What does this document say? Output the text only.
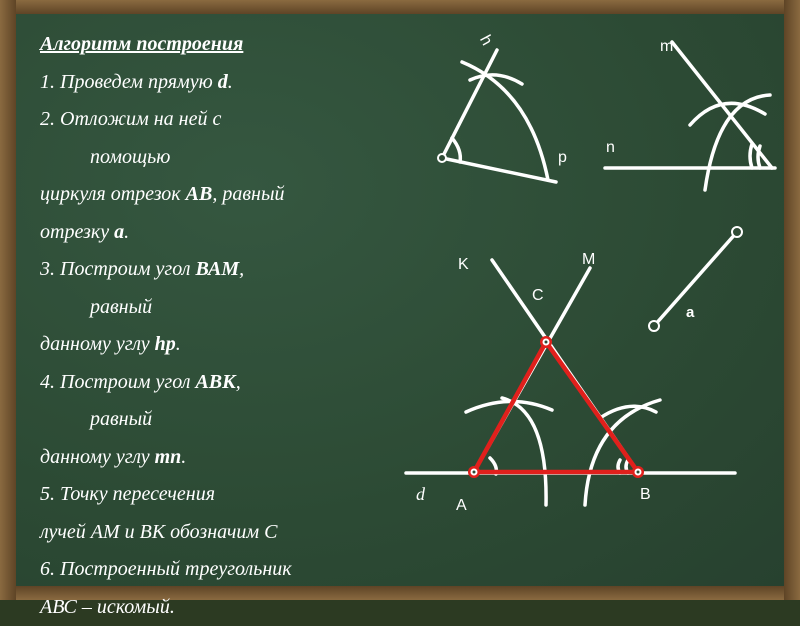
Алгоритм построения
1. Проведем прямую d.
2. Отложим на ней с
помощью
циркуля отрезок АВ, равный
отрезку а.
3. Построим угол ВАМ,
равный
данному углу hp.
4. Построим угол АВК,
равный
данному углу mn.
5. Точку пересечения
лучей АМ и ВК обозначим С
6. Построенный треугольник
АВС – искомый.
h
p
m
n
K	M
C
a
d
A
B
